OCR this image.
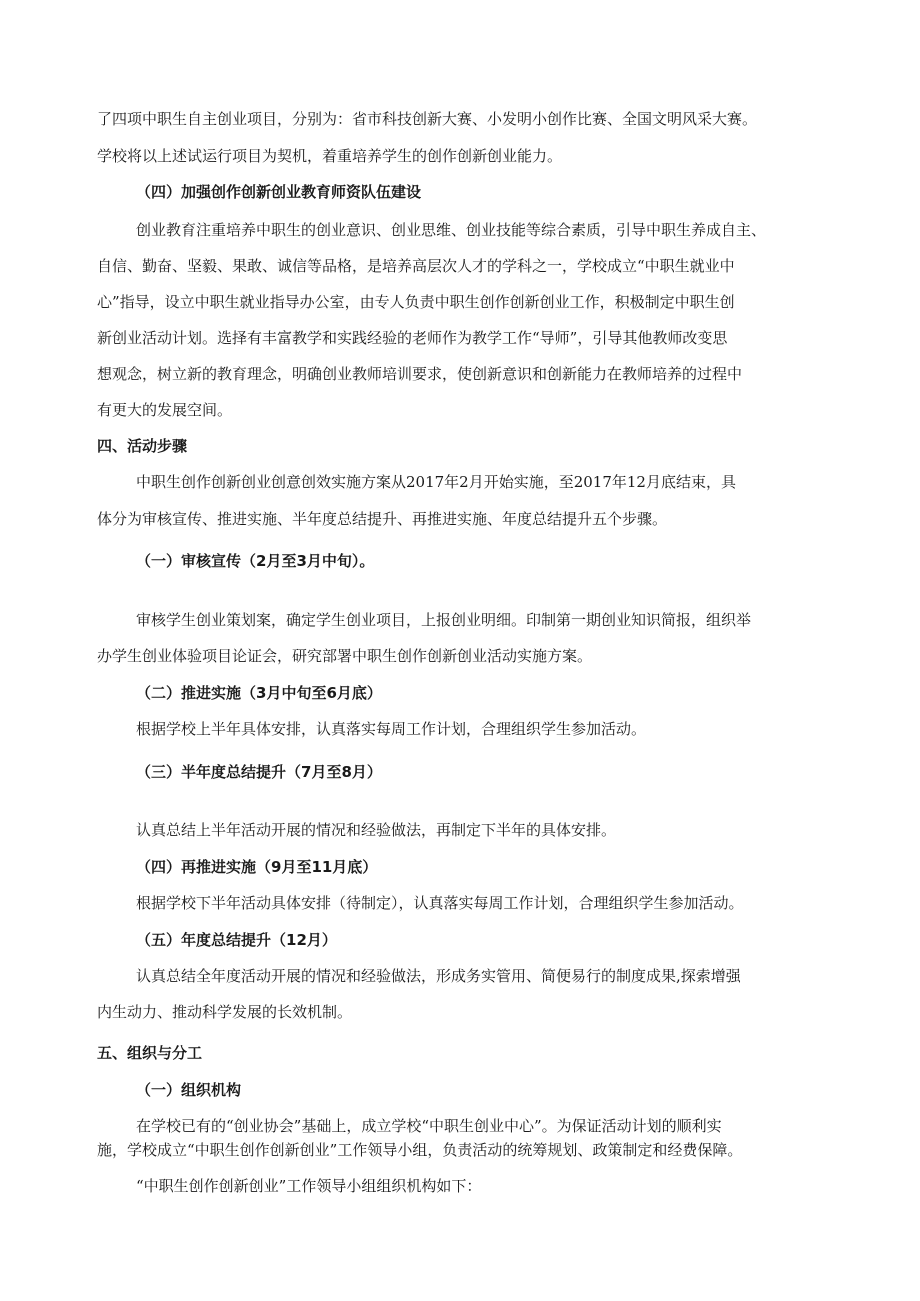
了四项中职生自主创业项目，分别为：省市科技创新大赛、小发明小创作比赛、全国文明风采大赛。

学校将以上述试运行项目为契机，着重培养学生的创作创新创业能力。

（四）加强创作创新创业教育师资队伍建设

创业教育注重培养中职生的创业意识、创业思维、创业技能等综合素质，引导中职生养成自主、

自信、勤奋、坚毅、果敢、诚信等品格，是培养高层次人才的学科之一，学校成立“中职生就业中

心”指导，设立中职生就业指导办公室，由专人负责中职生创作创新创业工作，积极制定中职生创

新创业活动计划。选择有丰富教学和实践经验的老师作为教学工作“导师”，引导其他教师改变思

想观念，树立新的教育理念，明确创业教师培训要求，使创新意识和创新能力在教师培养的过程中

有更大的发展空间。

四、活动步骤

中职生创作创新创业创意创效实施方案从2017年2月开始实施，至2017年12月底结束，具

体分为审核宣传、推进实施、半年度总结提升、再推进实施、年度总结提升五个步骤。

（一）审核宣传（2月至3月中旬）。

审核学生创业策划案，确定学生创业项目，上报创业明细。印制第一期创业知识简报，组织举

办学生创业体验项目论证会，研究部署中职生创作创新创业活动实施方案。

（二）推进实施（3月中旬至6月底）

根据学校上半年具体安排，认真落实每周工作计划，合理组织学生参加活动。

（三）半年度总结提升（7月至8月）

认真总结上半年活动开展的情况和经验做法，再制定下半年的具体安排。

（四）再推进实施（9月至11月底）

根据学校下半年活动具体安排（待制定），认真落实每周工作计划，合理组织学生参加活动。

（五）年度总结提升（12月）

认真总结全年度活动开展的情况和经验做法，形成务实管用、简便易行的制度成果,探索增强

内生动力、推动科学发展的长效机制。

五、组织与分工

（一）组织机构

在学校已有的“创业协会”基础上，成立学校“中职生创业中心”。为保证活动计划的顺利实

施，学校成立“中职生创作创新创业”工作领导小组，负责活动的统筹规划、政策制定和经费保障。

“中职生创作创新创业”工作领导小组组织机构如下：
